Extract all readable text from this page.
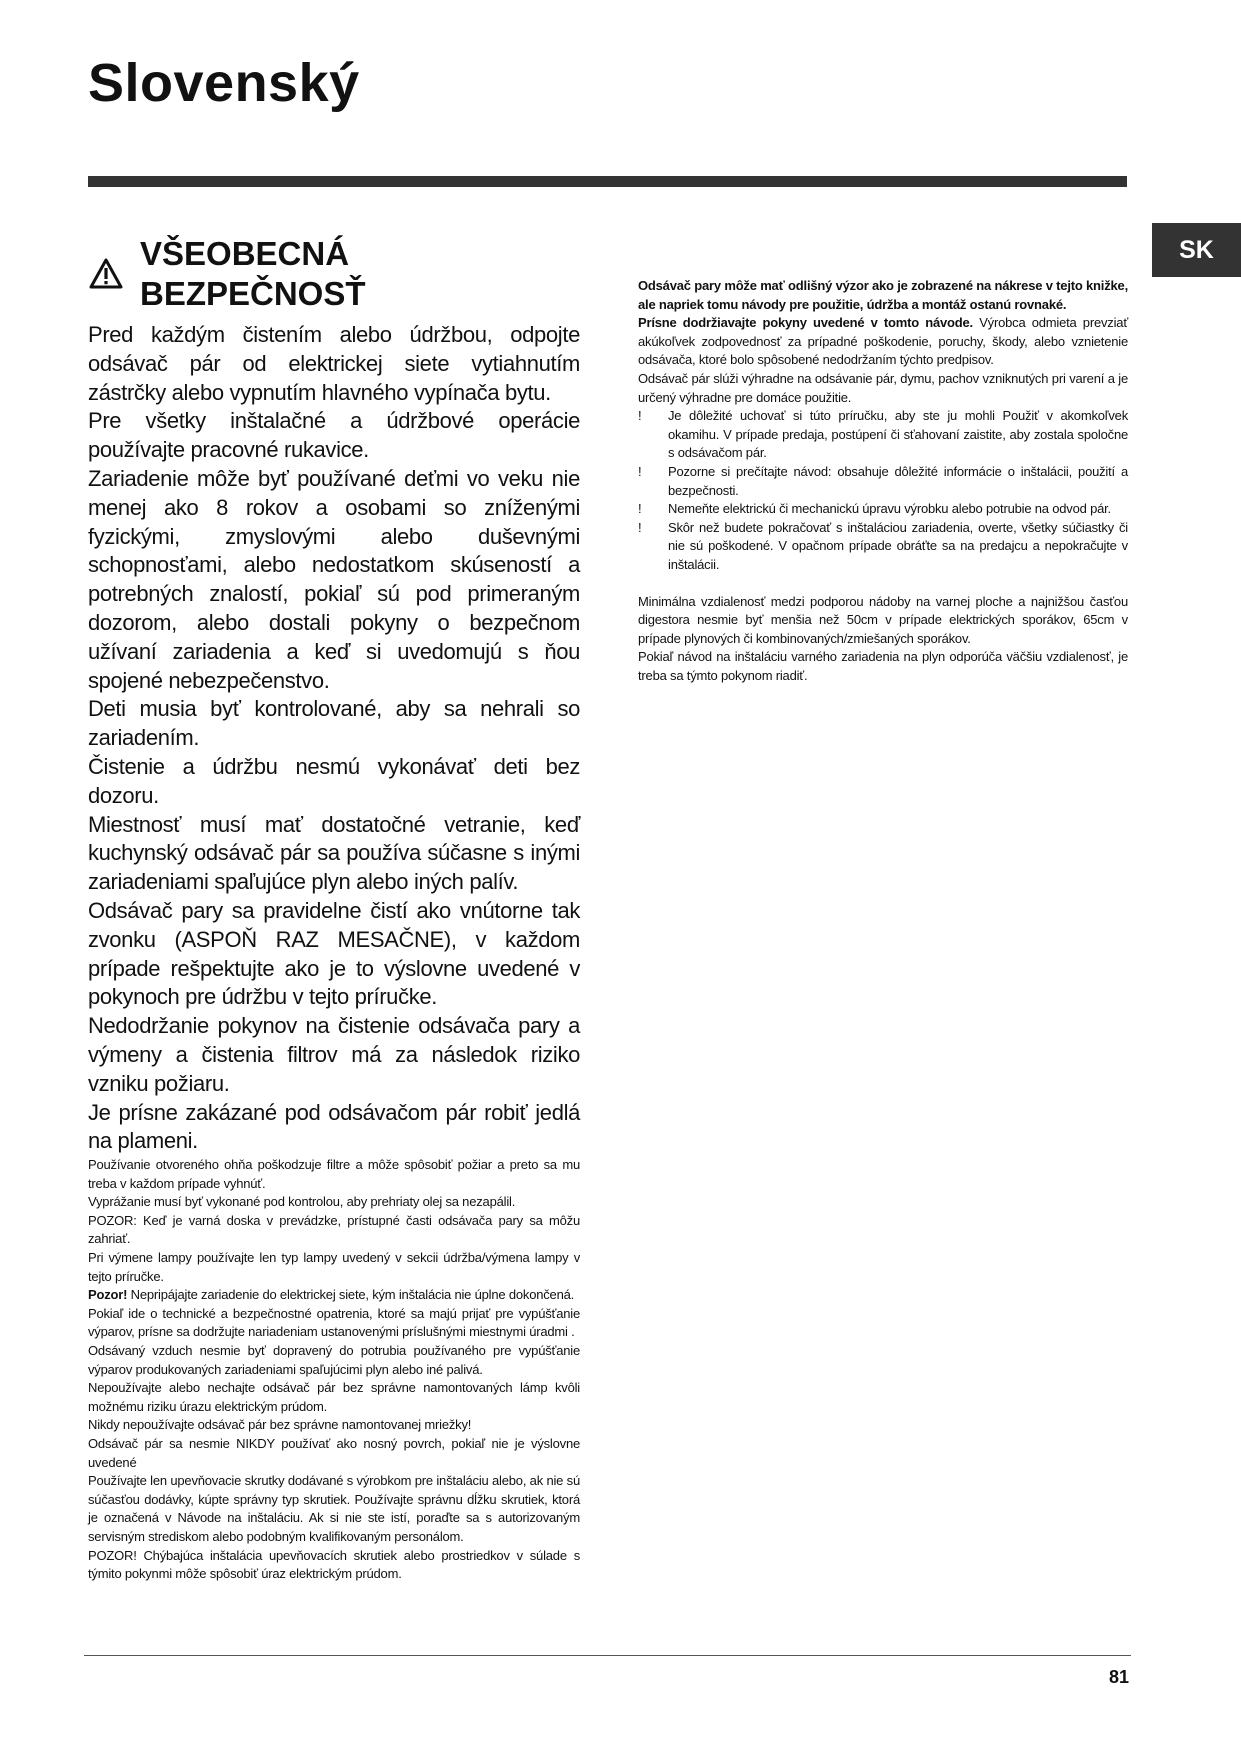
Slovenský
SK
VŠEOBECNÁ BEZPEČNOSŤ

Pred každým čistením alebo údržbou, odpojte odsávač pár od elektrickej siete vytiahnutím zástrčky alebo vypnutím hlavného vypínača bytu.

Pre všetky inštalačné a údržbové operácie používajte pracovné rukavice.

Zariadenie môže byť používané deťmi vo veku nie menej ako 8 rokov a osobami so zníženými fyzickými, zmyslovými alebo duševnými schopnosťami, alebo nedostatkom skúseností a potrebných znalostí, pokiaľ sú pod primeraným dozorom, alebo dostali pokyny o bezpečnom užívaní zariadenia a keď si uvedomujú s ňou spojené nebezpečenstvo.

Deti musia byť kontrolované, aby sa nehrali so zariadením.

Čistenie a údržbu nesmú vykonávať deti bez dozoru.

Miestnosť musí mať dostatočné vetranie, keď kuchynský odsávač pár sa používa súčasne s inými zariadeniami spaľujúce plyn alebo iných palív.

Odsávač pary sa pravidelne čistí ako vnútorne tak zvonku (ASPOŇ RAZ MESAČNE), v každom prípade rešpektujte ako je to výslovne uvedené v pokynoch pre údržbu v tejto príručke.

Nedodržanie pokynov na čistenie odsávača pary a výmeny a čistenia filtrov má za následok riziko vzniku požiaru.

Je prísne zakázané pod odsávačom pár robiť jedlá na plameni.

Používanie otvoreného ohňa poškodzuje filtre a môže spôsobiť požiar a preto sa mu treba v každom prípade vyhnúť.

Vyprážanie musí byť vykonané pod kontrolou, aby prehriaty olej sa nezapálil.

POZOR: Keď je varná doska v prevádzke, prístupné časti odsávača pary sa môžu zahriať.

Pri výmene lampy používajte len typ lampy uvedený v sekcii údržba/výmena lampy v tejto príručke.

Pozor! Nepripájajte zariadenie do elektrickej siete, kým inštalácia nie úplne dokončená.

Pokiaľ ide o technické a bezpečnostné opatrenia, ktoré sa majú prijať pre vypúšťanie výparov, prísne sa dodržujte nariadeniam ustanovenými príslušnými miestnymi úradmi .

Odsávaný vzduch nesmie byť dopravený do potrubia používaného pre vypúšťanie výparov produkovaných zariadeniami spaľujúcimi plyn alebo iné palivá.

Nepoužívajte alebo nechajte odsávač pár bez správne namontovaných lámp kvôli možnému riziku úrazu elektrickým prúdom.

Nikdy nepoužívajte odsávač pár bez správne namontovanej mriežky!

Odsávač pár sa nesmie NIKDY používať ako nosný povrch, pokiaľ nie je výslovne uvedené

Používajte len upevňovacie skrutky dodávané s výrobkom pre inštaláciu alebo, ak nie sú súčasťou dodávky, kúpte správny typ skrutiek. Používajte správnu dĺžku skrutiek, ktorá je označená v Návode na inštaláciu. Ak si nie ste istí, poraďte sa s autorizovaným servisným strediskom alebo podobným kvalifikovaným personálom.

POZOR! Chýbajúca inštalácia upevňovacích skrutiek alebo prostriedkov v súlade s týmito pokynmi môže spôsobiť úraz elektrickým prúdom.

Odsávač pary môže mať odlišný výzor ako je zobrazené na nákrese v tejto knižke, ale napriek tomu návody pre použitie, údržba a montáž ostanú rovnaké.

Prísne dodržiavajte pokyny uvedené v tomto návode. Výrobca odmieta prevziať akúkoľvek zodpovednosť za prípadné poškodenie, poruchy, škody, alebo vznietenie odsávača, ktoré bolo spôsobené nedodržaním týchto predpisov.

Odsávač pár slúži výhradne na odsávanie pár, dymu, pachov vzniknutých pri varení a je určený výhradne pre domáce použitie.

!	Je dôležité uchovať si túto príručku, aby ste ju mohli Použiť v akomkoľvek okamihu. V prípade predaja, postúpení či sťahovaní zaistite, aby zostala spoločne s odsávačom pár.
!	Pozorne si prečítajte návod: obsahuje dôležité informácie o inštalácii, použití a bezpečnosti.
!	Nemeňte elektrickú či mechanickú úpravu výrobku alebo potrubie na odvod pár.
!	Skôr než budete pokračovať s inštaláciou zariadenia, overte, všetky súčiastky či nie sú poškodené. V opačnom prípade obráťte sa na predajcu a nepokračujte v inštalácii.

Minimálna vzdialenosť medzi podporou nádoby na varnej ploche a najnižšou časťou digestora nesmie byť menšia než 50cm v prípade elektrických sporákov, 65cm v prípade plynových či kombinovaných/zmiešaných sporákov.

Pokiaľ návod na inštaláciu varného zariadenia na plyn odporúča väčšiu vzdialenosť, je treba sa týmto pokynom riadiť.

81
